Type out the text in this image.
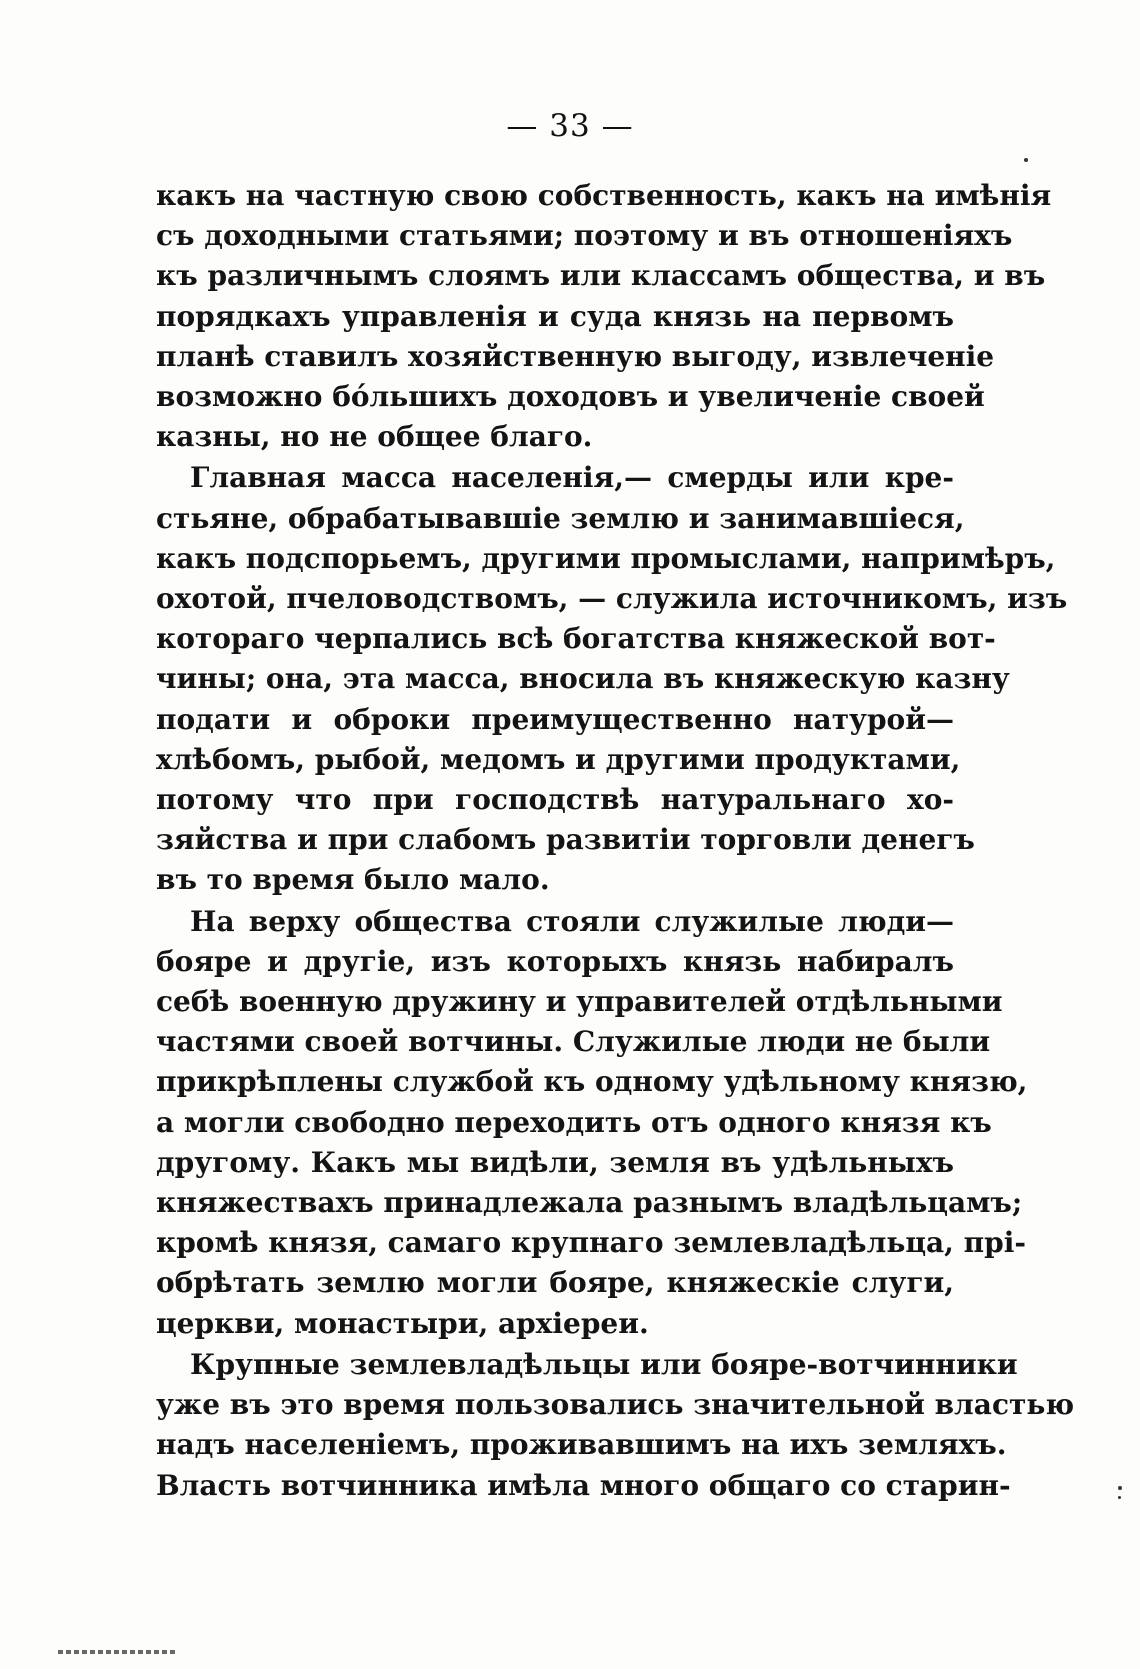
— 33 —
какъ на частную свою собственность, какъ на имѣнія
съ доходными статьями; поэтому и въ отношеніяхъ
къ различнымъ слоямъ или классамъ общества, и въ
порядкахъ управленія и суда князь на первомъ
планѣ ставилъ хозяйственную выгоду, извлеченіе
возможно бо́льшихъ доходовъ и увеличеніе своей
казны, но не общее благо.
Главная масса населенія,— смерды или кре-
стьяне, обрабатывавшіе землю и занимавшіеся,
какъ подспорьемъ, другими промыслами, напримѣръ,
охотой, пчеловодствомъ, — служила источникомъ, изъ
котораго черпались всѣ богатства княжеской вот-
чины; она, эта масса, вносила въ княжескую казну
подати и оброки преимущественно натурой—
хлѣбомъ, рыбой, медомъ и другими продуктами,
потому что при господствѣ натуральнаго хо-
зяйства и при слабомъ развитіи торговли денегъ
въ то время было мало.
На верху общества стояли служилые люди—
бояре и другіе, изъ которыхъ князь набиралъ
себѣ военную дружину и управителей отдѣльными
частями своей вотчины. Служилые люди не были
прикрѣплены службой къ одному удѣльному князю,
а могли свободно переходить отъ одного князя къ
другому. Какъ мы видѣли, земля въ удѣльныхъ
княжествахъ принадлежала разнымъ владѣльцамъ;
кромѣ князя, самаго крупнаго землевладѣльца, прі-
обрѣтать землю могли бояре, княжескіе слуги,
церкви, монастыри, архіереи.
Крупные землевладѣльцы или бояре-вотчинники
уже въ это время пользовались значительной властью
надъ населеніемъ, проживавшимъ на ихъ земляхъ.
Власть вотчинника имѣла много общаго со старин-
